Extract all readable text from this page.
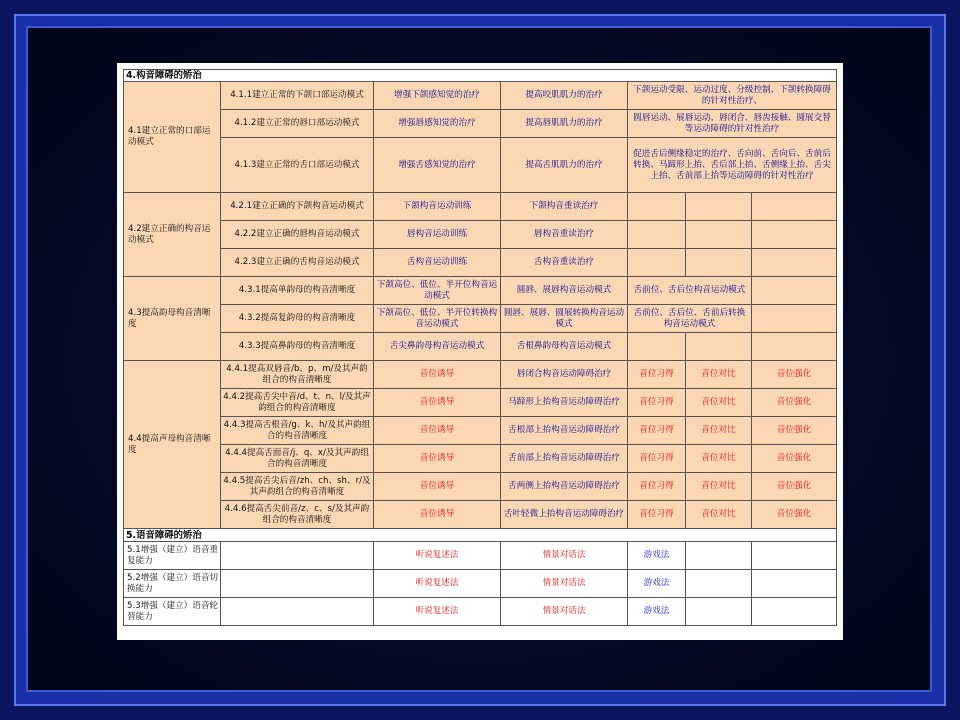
4.构音障碍的矫治						
4.1建立正常的口部运动模式	4.1.1建立正常的下颌口部运动模式	增强下颌感知觉的治疗	提高咬肌肌力的治疗	下颌运动受限、运动过度、分级控制、下颌转换障碍的针对性治疗、		
	4.1.2建立正常的唇口部运动模式	增强唇感知觉的治疗	提高唇肌肌力的治疗	圆唇运动、展唇运动、唇闭合、唇齿接触、圆展交替等运动障碍的针对性治疗		
	4.1.3建立正常的舌口部运动模式	增强舌感知觉的治疗	提高舌肌肌力的治疗	促进舌后侧缘稳定的治疗、舌向前、舌向后、舌前后转换、马蹄形上抬、舌后部上抬、舌侧缘上抬、舌尖上抬、舌前部上抬等运动障碍的针对性治疗		
4.2建立正确的构音运动模式	4.2.1建立正确的下颌构音运动模式	下颌构音运动训练	下颌构音重读治疗			
	4.2.2建立正确的唇构音运动模式	唇构音运动训练	唇构音重读治疗			
	4.2.3建立正确的舌构音运动模式	舌构音运动训练	舌构音重读治疗			
4.3提高韵母构音清晰度	4.3.1提高单韵母的构音清晰度	下颌高位、低位、半开位构音运动模式	圆唇、展唇构音运动模式	舌前位、舌后位构音运动模式		
	4.3.2提高复韵母的构音清晰度	下颌高位、低位、半开位转换构音运动模式	圆唇、展唇、圆展转换构音运动模式	舌前位、舌后位、舌前后转换构音运动模式		
	4.3.3提高鼻韵母的构音清晰度	舌尖鼻韵母构音运动模式	舌根鼻韵母构音运动模式			
4.4提高声母构音清晰度	4.4.1提高双唇音/b、p、m/及其声韵组合的构音清晰度	音位诱导	唇闭合构音运动障碍治疗	音位习得	音位对比	音位强化
	4.4.2提高舌尖中音/d、t、n、l/及其声韵组合的构音清晰度	音位诱导	马蹄形上抬构音运动障碍治疗	音位习得	音位对比	音位强化
	4.4.3提高舌根音/g、k、h/及其声韵组合的构音清晰度	音位诱导	舌根部上抬构音运动障碍治疗	音位习得	音位对比	音位强化
	4.4.4提高舌面音/j、q、x/及其声韵组合的构音清晰度	音位诱导	舌前部上抬构音运动障碍治疗	音位习得	音位对比	音位强化
	4.4.5提高舌尖后音/zh、ch、sh、r/及其声韵组合的构音清晰度	音位诱导	舌两侧上抬构音运动障碍治疗	音位习得	音位对比	音位强化
	4.4.6提高舌尖前音/z、c、s/及其声韵组合的构音清晰度	音位诱导	舌叶轻微上抬构音运动障碍治疗	音位习得	音位对比	音位强化
5.语音障碍的矫治						
5.1增强（建立）语音重复能力		听说复述法	情景对话法	游戏法		
5.2增强（建立）语音切换能力		听说复述法	情景对话法	游戏法		
5.3增强（建立）语音轮替能力		听说复述法	情景对话法	游戏法		
